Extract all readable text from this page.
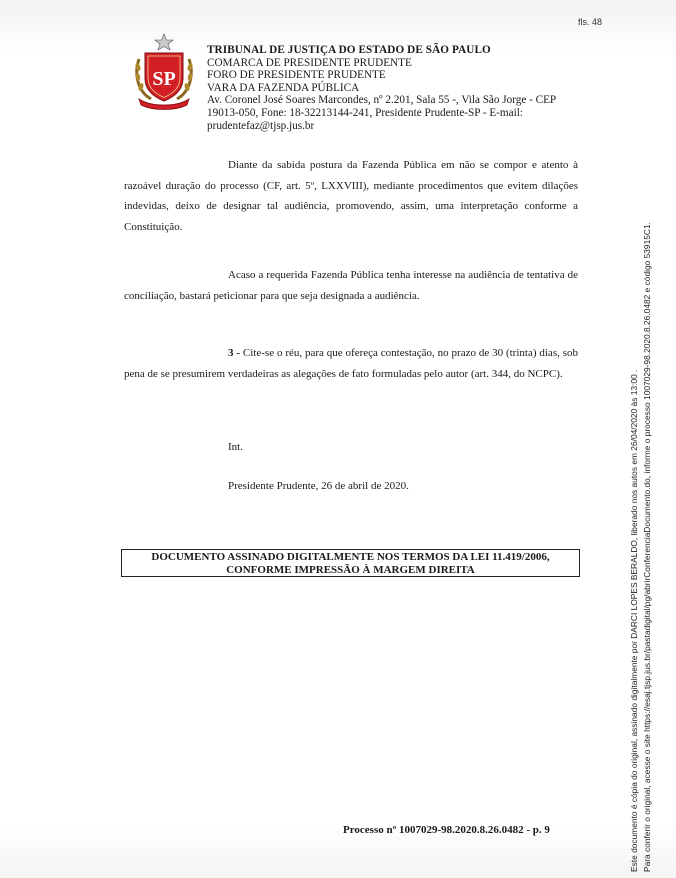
fls. 48
SP
TRIBUNAL DE JUSTIÇA DO ESTADO DE SÃO PAULO
COMARCA DE PRESIDENTE PRUDENTE
FORO DE PRESIDENTE PRUDENTE
VARA DA FAZENDA PÚBLICA
Av. Coronel José Soares Marcondes, nº 2.201, Sala 55 -, Vila São Jorge - CEP 19013-050, Fone: 18-32213144-241, Presidente Prudente-SP - E-mail: prudentefaz@tjsp.jus.br
Diante da sabida postura da Fazenda Pública em não se compor e atento à razoável duração do processo (CF, art. 5º, LXXVIII), mediante procedimentos que evitem dilações indevidas, deixo de designar tal audiência, promovendo, assim, uma interpretação conforme a Constituição.
Acaso a requerida Fazenda Pública tenha interesse na audiência de tentativa de conciliação, bastará peticionar para que seja designada a audiência.
3 - Cite-se o réu, para que ofereça contestação, no prazo de 30 (trinta) dias, sob pena de se presumirem verdadeiras as alegações de fato formuladas pelo autor (art. 344, do NCPC).
Int.
Presidente Prudente, 26 de abril de 2020.
DOCUMENTO ASSINADO DIGITALMENTE NOS TERMOS DA LEI 11.419/2006,
CONFORME IMPRESSÃO À MARGEM DIREITA
Processo nº 1007029-98.2020.8.26.0482 - p. 9	Este documento é cópia do original, assinado digitalmente por DARCI LOPES BERALDO, liberado nos autos em 26/04/2020 às 13:00 . Para conferir o original, acesse o site https://esaj.tjsp.jus.br/pastadigital/pg/abrirConferenciaDocumento.do, informe o processo 1007029-98.2020.8.26.0482 e código 53915C1.
